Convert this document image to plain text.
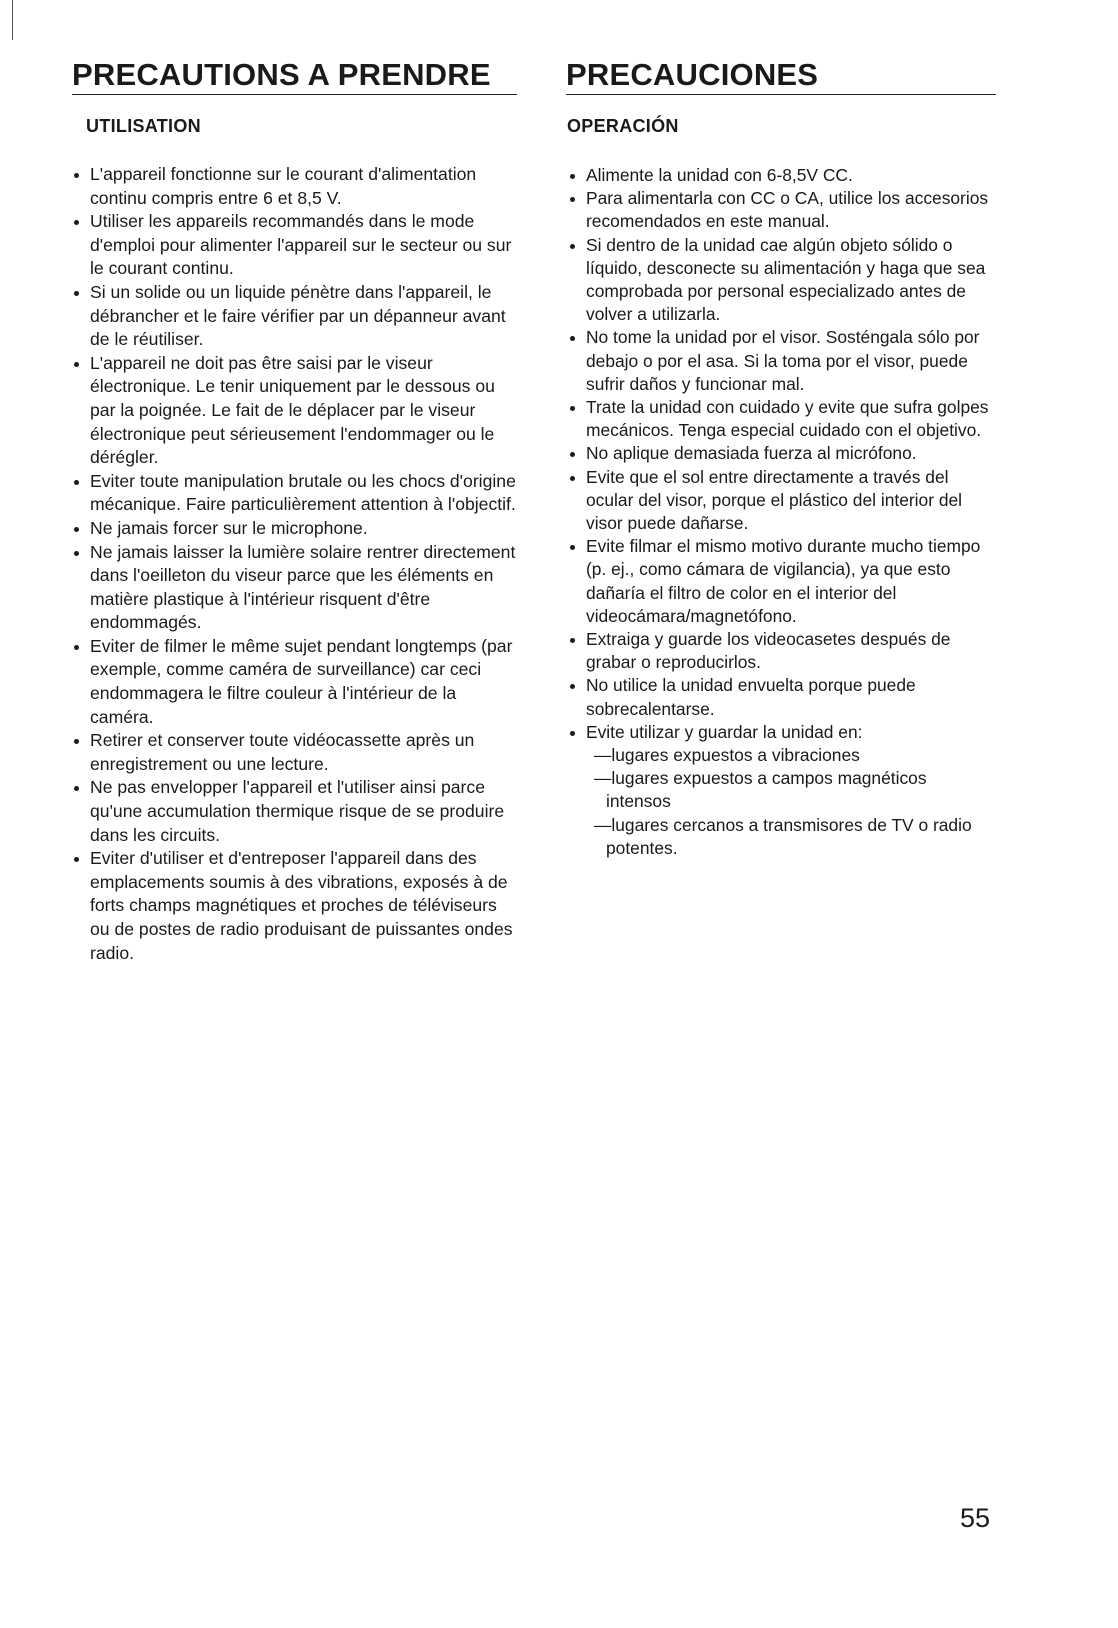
PRECAUTIONS A PRENDRE
UTILISATION
L'appareil fonctionne sur le courant d'alimentation continu compris entre 6 et 8,5 V.
Utiliser les appareils recommandés dans le mode d'emploi pour alimenter l'appareil sur le secteur ou sur le courant continu.
Si un solide ou un liquide pénètre dans l'appareil, le débrancher et le faire vérifier par un dépanneur avant de le réutiliser.
L'appareil ne doit pas être saisi par le viseur électronique. Le tenir uniquement par le dessous ou par la poignée. Le fait de le déplacer par le viseur électronique peut sérieusement l'endommager ou le dérégler.
Eviter toute manipulation brutale ou les chocs d'origine mécanique. Faire particulièrement attention à l'objectif.
Ne jamais forcer sur le microphone.
Ne jamais laisser la lumière solaire rentrer directement dans l'oeilleton du viseur parce que les éléments en matière plastique à l'intérieur risquent d'être endommagés.
Eviter de filmer le même sujet pendant longtemps (par exemple, comme caméra de surveillance) car ceci endommagera le filtre couleur à l'intérieur de la caméra.
Retirer et conserver toute vidéocassette après un enregistrement ou une lecture.
Ne pas envelopper l'appareil et l'utiliser ainsi parce qu'une accumulation thermique risque de se produire dans les circuits.
Eviter d'utiliser et d'entreposer l'appareil dans des emplacements soumis à des vibrations, exposés à de forts champs magnétiques et proches de téléviseurs ou de postes de radio produisant de puissantes ondes radio.
PRECAUCIONES
OPERACIÓN
Alimente la unidad con 6-8,5V CC.
Para alimentarla con CC o CA, utilice los accesorios recomendados en este manual.
Si dentro de la unidad cae algún objeto sólido o líquido, desconecte su alimentación y haga que sea comprobada por personal especializado antes de volver a utilizarla.
No tome la unidad por el visor. Sosténgala sólo por debajo o por el asa. Si la toma por el visor, puede sufrir daños y funcionar mal.
Trate la unidad con cuidado y evite que sufra golpes mecánicos. Tenga especial cuidado con el objetivo.
No aplique demasiada fuerza al micrófono.
Evite que el sol entre directamente a través del ocular del visor, porque el plástico del interior del visor puede dañarse.
Evite filmar el mismo motivo durante mucho tiempo (p. ej., como cámara de vigilancia), ya que esto dañaría el filtro de color en el interior del videocámara/magnetófono.
Extraiga y guarde los videocasetes después de grabar o reproducirlos.
No utilice la unidad envuelta porque puede sobrecalentarse.
Evite utilizar y guardar la unidad en:
—lugares expuestos a vibraciones
—lugares expuestos a campos magnéticos intensos
—lugares cercanos a transmisores de TV o radio potentes.

55
